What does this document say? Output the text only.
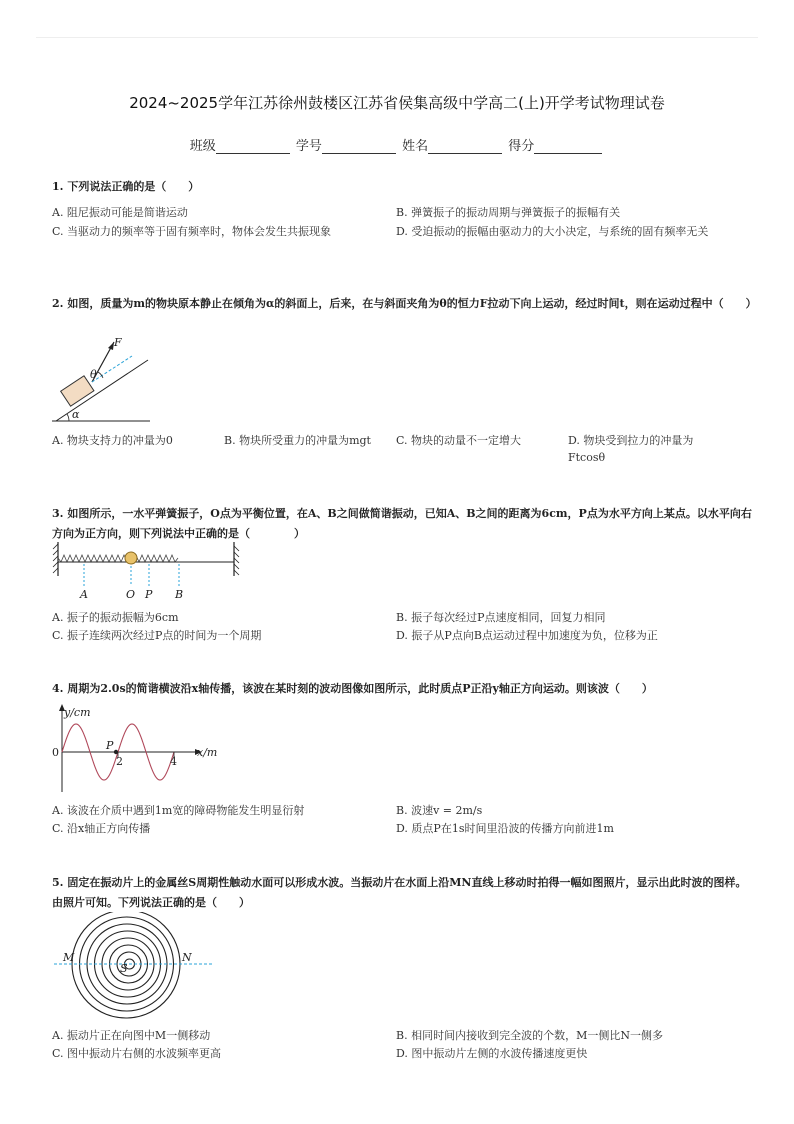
2024~2025学年江苏徐州鼓楼区江苏省侯集高级中学高二(上)开学考试物理试卷
班级	学号	姓名	得分
1. 下列说法正确的是（　　）
A. 阻尼振动可能是简谐运动	B. 弹簧振子的振动周期与弹簧振子的振幅有关
C. 当驱动力的频率等于固有频率时，物体会发生共振现象	D. 受迫振动的振幅由驱动力的大小决定，与系统的固有频率无关
2. 如图，质量为m的物块原本静止在倾角为α的斜面上，后来，在与斜面夹角为θ的恒力F拉动下向上运动，经过时间t，则在运动过程中（　　）
F
θ
α
A. 物块支持力的冲量为0	B. 物块所受重力的冲量为mgt	C. 物块的动量不一定增大	D. 物块受到拉力的冲量为Ftcosθ
3. 如图所示，一水平弹簧振子，O点为平衡位置，在A、B之间做简谐振动，已知A、B之间的距离为6cm，P点为水平方向上某点。以水平向右方向为正方向，则下列说法中正确的是（　　　　）
A	O P B
A. 振子的振动振幅为6cm	B. 振子每次经过P点速度相同，回复力相同
C. 振子连续两次经过P点的时间为一个周期	D. 振子从P点向B点运动过程中加速度为负，位移为正
4. 周期为2.0s的简谐横波沿x轴传播，该波在某时刻的波动图像如图所示，此时质点P正沿y轴正方向运动。则该波（　　）
y/cm
x/m
0
P
2	4
A. 该波在介质中遇到1m宽的障碍物能发生明显衍射	B. 波速v = 2m/s
C. 沿x轴正方向传播	D. 质点P在1s时间里沿波的传播方向前进1m
5. 固定在振动片上的金属丝S周期性触动水面可以形成水波。当振动片在水面上沿MN直线上移动时拍得一幅如图照片，显示出此时波的图样。由照片可知。下列说法正确的是（　　）
M	N
S
A. 振动片正在向图中M一侧移动	B. 相同时间内接收到完全波的个数，M一侧比N一侧多
C. 图中振动片右侧的水波频率更高	D. 图中振动片左侧的水波传播速度更快
